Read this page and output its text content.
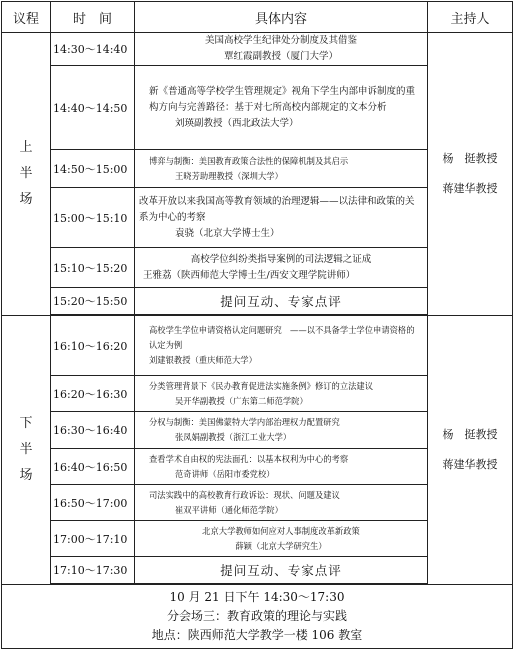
议程	时　间	具体内容	主持人

上
半
场	14:30～14:40	美国高校学生纪律处分制度及其借鉴
覃红霞副教授（厦门大学）	杨　挺教授
蒋建华教授

	14:40～14:50	新《普通高等学校学生管理规定》视角下学生内部申诉制度的重构方向与完善路径：基于对七所高校内部规定的文本分析
刘瑛副教授（西北政法大学）	

	14:50～15:00	博弈与制衡：美国教育政策合法性的保障机制及其启示
王晓芳助理教授（深圳大学）	

	15:00～15:10	改革开放以来我国高等教育领域的治理逻辑——以法律和政策的关系为中心的考察
袁骁（北京大学博士生）	

	15:10～15:20	高校学位纠纷类指导案例的司法逻辑之证成
王雅荔（陕西师范大学博士生/西安文理学院讲师）	

	15:20～15:50	提问互动、专家点评	

下
半
场	16:10～16:20	高校学生学位申请资格认定问题研究　——以不具备学士学位申请资格的认定为例
刘建银教授（重庆师范大学）	杨　挺教授
蒋建华教授

	16:20～16:30	分类管理背景下《民办教育促进法实施条例》修订的立法建议
吴开华副教授（广东第二师范学院）	

	16:30～16:40	分权与制衡：美国佛蒙特大学内部治理权力配置研究
张凤娟副教授（浙江工业大学）	

	16:40～16:50	查看学术自由权的宪法面孔：以基本权利为中心的考察
范奇讲师（岳阳市委党校）	

	16:50～17:00	司法实践中的高校教育行政诉讼：现状、问题及建议
崔双平讲师（通化师范学院）	

	17:00～17:10	北京大学教师如何应对人事制度改革新政策
薛颖（北京大学研究生）	

	17:10～17:30	提问互动、专家点评	

10 月 21 日下午 14:30～17:30
分会场三：教育政策的理论与实践
地点：陕西师范大学教学一楼 106 教室			
